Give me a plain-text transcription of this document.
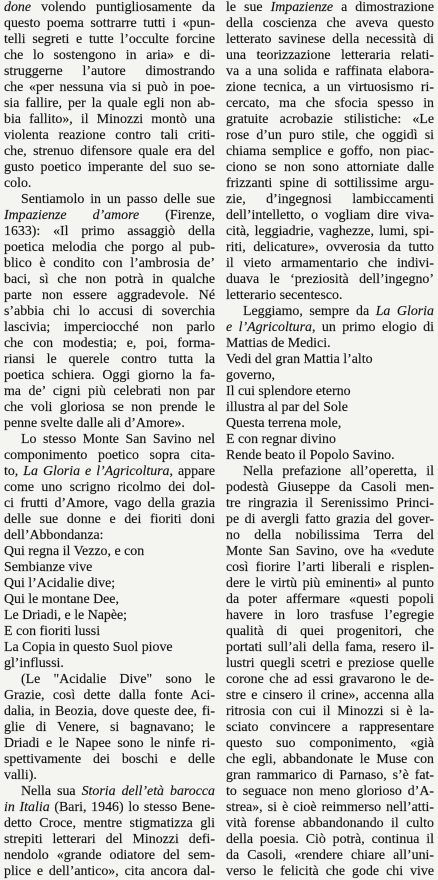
done volendo puntigliosamente da
questo poema sottrarre tutti i «pun-
telli segreti e tutte l’occulte forcine
che lo sostengono in aria» e di-
struggerne l’autore dimostrando
che «per nessuna via si può in poe-
sia fallire, per la quale egli non ab-
bia fallito», il Minozzi montò una
violenta reazione contro tali criti-
che, strenuo difensore quale era del
gusto poetico imperante del suo se-
colo.
Sentiamolo in un passo delle sue
Impazienze d’amore (Firenze,
1633): «Il primo assaggiò della
poetica melodia che porgo al pub-
blico è condito con l’ambrosia de’
baci, sì che non potrà in qualche
parte non essere aggradevole. Né
s’abbia chi lo accusi di soverchia
lascivia; imperciocché non parlo
che con modestia; e, poi, forma-
riansi le querele contro tutta la
poetica schiera. Oggi giorno la fa-
ma de’ cigni più celebrati non par
che voli gloriosa se non prende le
penne svelte dalle ali d’Amore».
Lo stesso Monte San Savino nel
componimento poetico sopra cita-
to, La Gloria e l’Agricoltura, appare
come uno scrigno ricolmo dei dol-
ci frutti d’Amore, vago della grazia
delle sue donne e dei fioriti doni
dell’Abbondanza:
Qui regna il Vezzo, e con
Sembianze vive
Qui l’Acidalie dive;
Qui le montane Dee,
Le Driadi, e le Napèe;
E con fioriti lussi
La Copia in questo Suol piove
gl’influssi.
(Le "Acidalie Dive" sono le
Grazie, così dette dalla fonte Aci-
dalia, in Beozia, dove queste dee, fi-
glie di Venere, si bagnavano; le
Driadi e le Napee sono le ninfe ri-
spettivamente dei boschi e delle
valli).
Nella sua Storia dell’età barocca
in Italia (Bari, 1946) lo stesso Bene-
detto Croce, mentre stigmatizza gli
strepiti letterari del Minozzi defi-
nendolo «grande odiatore del sem-
plice e dell’antico», cita ancora dal-
le sue Impazienze a dimostrazione
della coscienza che aveva questo
letterato savinese della necessità di
una teorizzazione letteraria relati-
va a una solida e raffinata elabora-
zione tecnica, a un virtuosismo ri-
cercato, ma che sfocia spesso in
gratuite acrobazie stilistiche: «Le
rose d’un puro stile, che oggidì si
chiama semplice e goffo, non piac-
ciono se non sono attorniate dalle
frizzanti spine di sottilissime argu-
zie, d’ingegnosi lambiccamenti
dell’intelletto, o vogliam dire viva-
cità, leggiadrie, vaghezze, lumi, spi-
riti, delicature», ovverosia da tutto
il vieto armamentario che indivi-
duava le ‘preziosità dell’ingegno’
letterario secentesco.
Leggiamo, sempre da La Gloria
e l’Agricoltura, un primo elogio di
Mattias de Medici.
Vedi del gran Mattia l’alto
governo,
Il cui splendore eterno
illustra al par del Sole
Questa terrena mole,
E con regnar divino
Rende beato il Popolo Savino.
Nella prefazione all’operetta, il
podestà Giuseppe da Casoli men-
tre ringrazia il Serenissimo Princi-
pe di avergli fatto grazia del gover-
no della nobilissima Terra del
Monte San Savino, ove ha «vedute
così fiorire l’arti liberali e risplen-
dere le virtù più eminenti» al punto
da poter affermare «questi popoli
havere in loro trasfuse l’egregie
qualità di quei progenitori, che
portati sull’ali della fama, resero il-
lustri quegli scetri e preziose quelle
corone che ad essi gravarono le de-
stre e cinsero il crine», accenna alla
ritrosia con cui il Minozzi si è la-
sciato convincere a rappresentare
questo suo componimento, «già
che egli, abbandonate le Muse con
gran rammarico di Parnaso, s’è fat-
to seguace non meno glorioso d’A-
strea», si è cioè reimmerso nell’atti-
vità forense abbandonando il culto
della poesia. Ciò potrà, continua il
da Casoli, «rendere chiare all’uni-
verso le felicità che gode chi vive
